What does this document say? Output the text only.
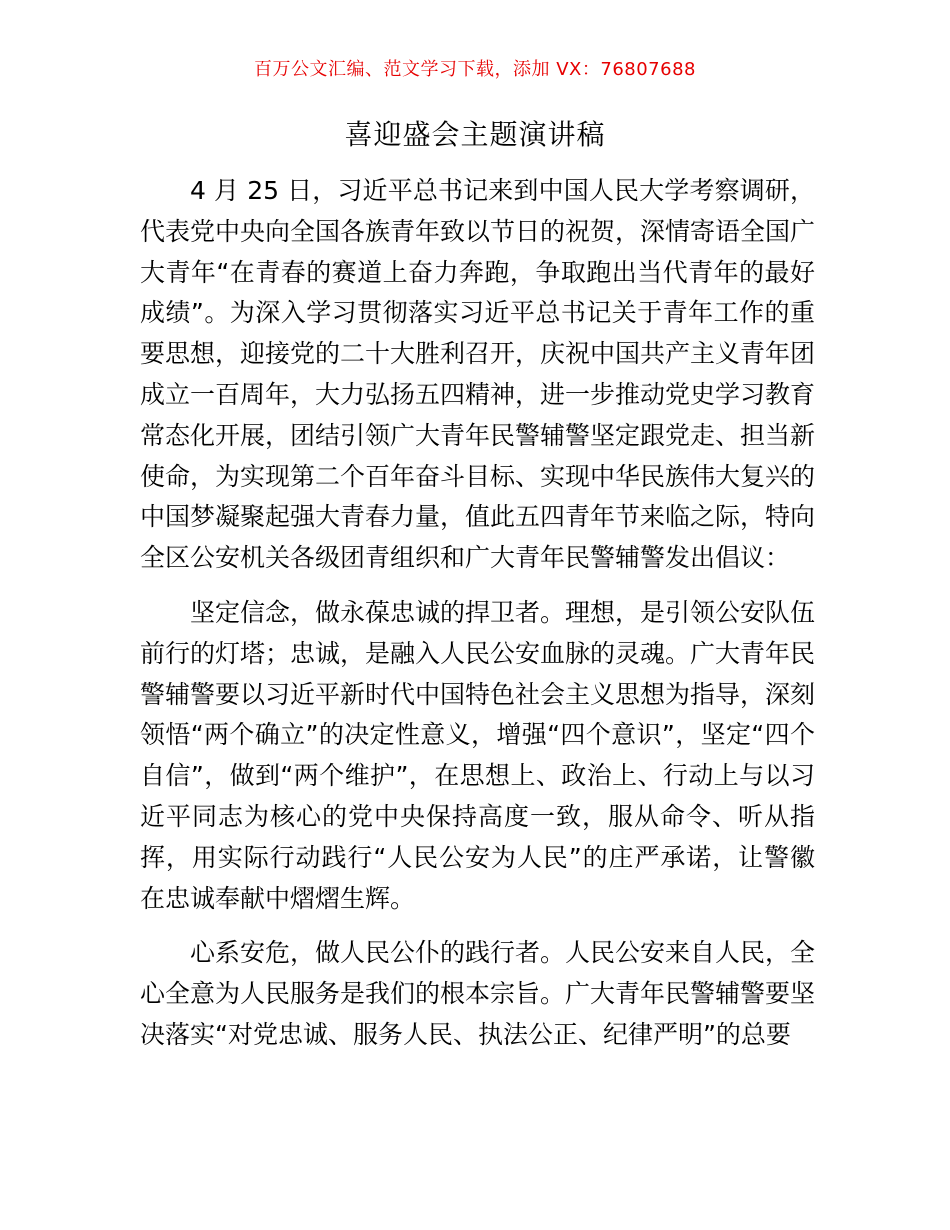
百万公文汇编、范文学习下载，添加 VX：76807688
喜迎盛会主题演讲稿

4 月 25 日，习近平总书记来到中国人民大学考察调研，代表党中央向全国各族青年致以节日的祝贺，深情寄语全国广大青年“在青春的赛道上奋力奔跑，争取跑出当代青年的最好成绩”。为深入学习贯彻落实习近平总书记关于青年工作的重要思想，迎接党的二十大胜利召开，庆祝中国共产主义青年团成立一百周年，大力弘扬五四精神，进一步推动党史学习教育常态化开展，团结引领广大青年民警辅警坚定跟党走、担当新使命，为实现第二个百年奋斗目标、实现中华民族伟大复兴的中国梦凝聚起强大青春力量，值此五四青年节来临之际，特向全区公安机关各级团青组织和广大青年民警辅警发出倡议：

坚定信念，做永葆忠诚的捍卫者。理想，是引领公安队伍前行的灯塔；忠诚，是融入人民公安血脉的灵魂。广大青年民警辅警要以习近平新时代中国特色社会主义思想为指导，深刻领悟“两个确立”的决定性意义，增强“四个意识”，坚定“四个自信”，做到“两个维护”，在思想上、政治上、行动上与以习近平同志为核心的党中央保持高度一致，服从命令、听从指挥，用实际行动践行“人民公安为人民”的庄严承诺，让警徽在忠诚奉献中熠熠生辉。

心系安危，做人民公仆的践行者。人民公安来自人民，全心全意为人民服务是我们的根本宗旨。广大青年民警辅警要坚决落实“对党忠诚、服务人民、执法公正、纪律严明”的总要
